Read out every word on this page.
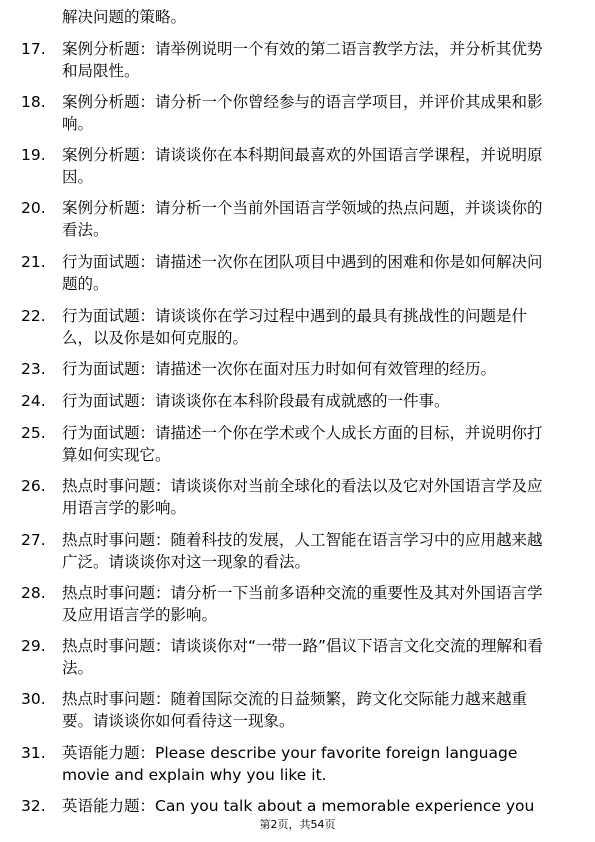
解决问题的策略。
17.	案例分析题：请举例说明一个有效的第二语言教学方法，并分析其优势和局限性。
18.	案例分析题：请分析一个你曾经参与的语言学项目，并评价其成果和影响。
19.	案例分析题：请谈谈你在本科期间最喜欢的外国语言学课程，并说明原因。
20.	案例分析题：请分析一个当前外国语言学领域的热点问题，并谈谈你的看法。
21.	行为面试题：请描述一次你在团队项目中遇到的困难和你是如何解决问题的。
22.	行为面试题：请谈谈你在学习过程中遇到的最具有挑战性的问题是什么，以及你是如何克服的。
23.	行为面试题：请描述一次你在面对压力时如何有效管理的经历。
24.	行为面试题：请谈谈你在本科阶段最有成就感的一件事。
25.	行为面试题：请描述一个你在学术或个人成长方面的目标，并说明你打算如何实现它。
26.	热点时事问题：请谈谈你对当前全球化的看法以及它对外国语言学及应用语言学的影响。
27.	热点时事问题：随着科技的发展，人工智能在语言学习中的应用越来越广泛。请谈谈你对这一现象的看法。
28.	热点时事问题：请分析一下当前多语种交流的重要性及其对外国语言学及应用语言学的影响。
29.	热点时事问题：请谈谈你对“一带一路”倡议下语言文化交流的理解和看法。
30.	热点时事问题：随着国际交流的日益频繁，跨文化交际能力越来越重要。请谈谈你如何看待这一现象。
31.	英语能力题：Please describe your favorite foreign language movie and explain why you like it.
32.	英语能力题：Can you talk about a memorable experience you
第2页，共54页
